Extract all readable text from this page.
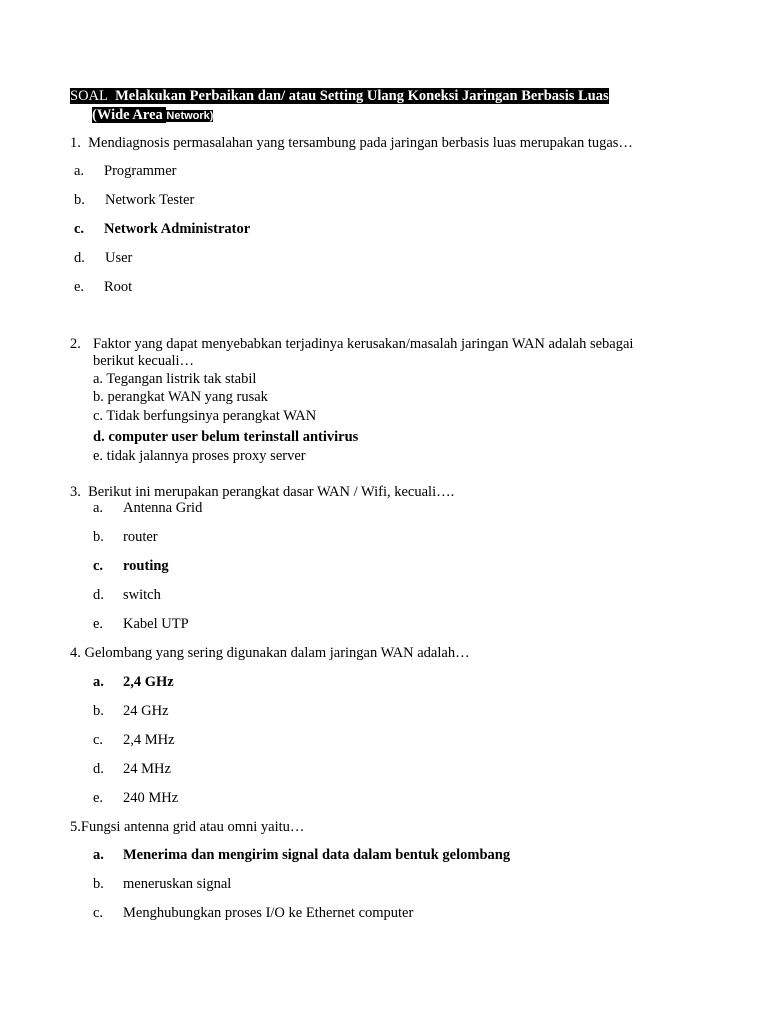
SOAL Melakukan Perbaikan dan/ atau Setting Ulang Koneksi Jaringan Berbasis Luas
(Wide Area Network)
1. Mendiagnosis permasalahan yang tersambung pada jaringan berbasis luas merupakan tugas…
a. Programmer
b. Network Tester
c. Network Administrator
d. User
e. Root
2. Faktor yang dapat menyebabkan terjadinya kerusakan/masalah jaringan WAN adalah sebagai
berikut kecuali…
a. Tegangan listrik tak stabil
b. perangkat WAN yang rusak
c. Tidak berfungsinya perangkat WAN
d. computer user belum terinstall antivirus
e. tidak jalannya proses proxy server
3. Berikut ini merupakan perangkat dasar WAN / Wifi, kecuali….
a. Antenna Grid
b. router
c. routing
d. switch
e. Kabel UTP
4. Gelombang yang sering digunakan dalam jaringan WAN adalah…
a. 2,4 GHz
b. 24 GHz
c. 2,4 MHz
d. 24 MHz
e. 240 MHz
5.Fungsi antenna grid atau omni yaitu…
a. Menerima dan mengirim signal data dalam bentuk gelombang
b. meneruskan signal
c. Menghubungkan proses I/O ke Ethernet computer
